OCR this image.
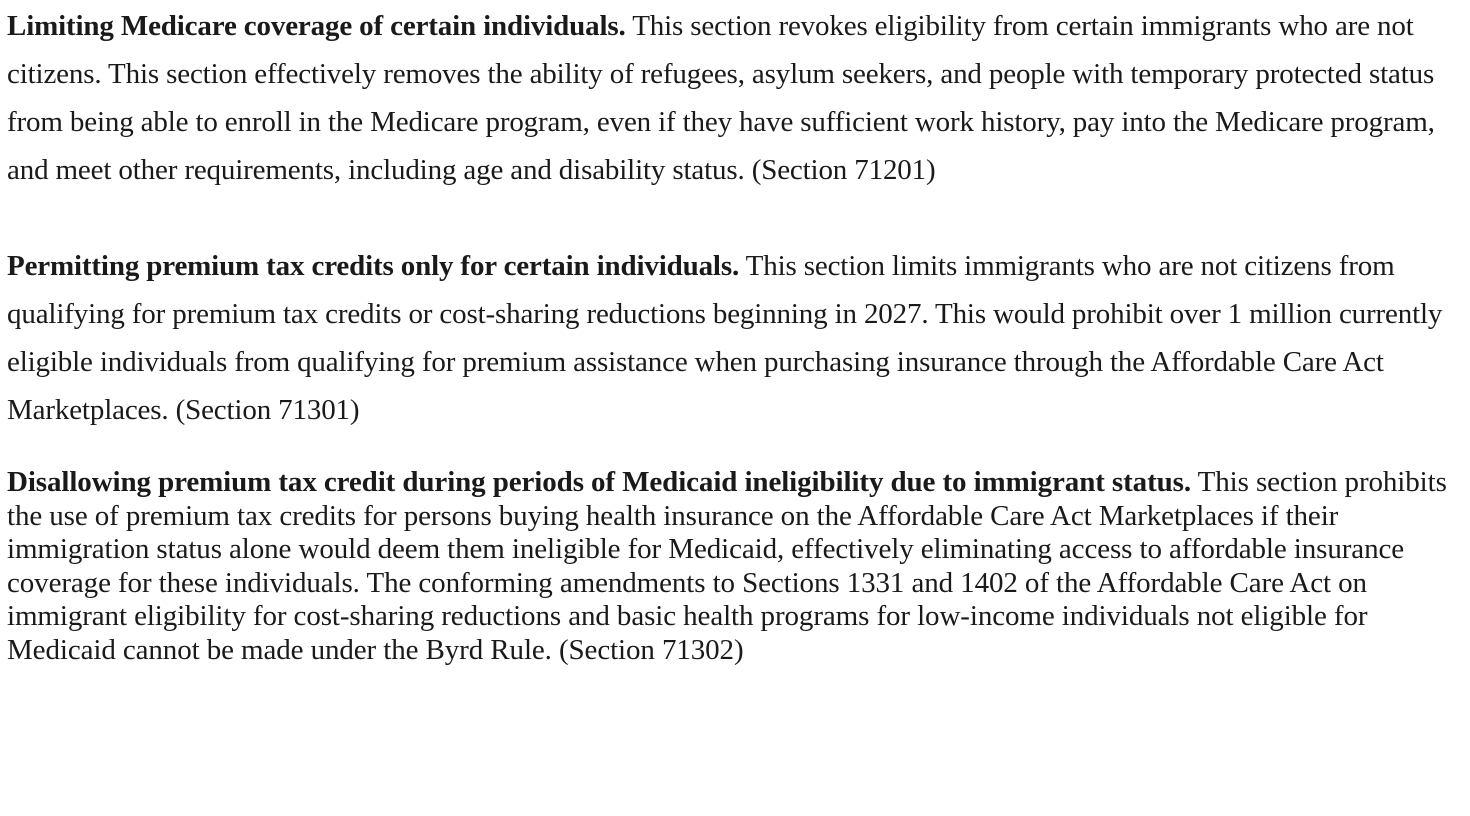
Limiting Medicare coverage of certain individuals. This section revokes eligibility from certain immigrants who are not citizens. This section effectively removes the ability of refugees, asylum seekers, and people with temporary protected status from being able to enroll in the Medicare program, even if they have sufficient work history, pay into the Medicare program, and meet other requirements, including age and disability status. (Section 71201)

Permitting premium tax credits only for certain individuals. This section limits immigrants who are not citizens from qualifying for premium tax credits or cost-sharing reductions beginning in 2027. This would prohibit over 1 million currently eligible individuals from qualifying for premium assistance when purchasing insurance through the Affordable Care Act Marketplaces. (Section 71301)

Disallowing premium tax credit during periods of Medicaid ineligibility due to immigrant status. This section prohibits the use of premium tax credits for persons buying health insurance on the Affordable Care Act Marketplaces if their immigration status alone would deem them ineligible for Medicaid, effectively eliminating access to affordable insurance coverage for these individuals. The conforming amendments to Sections 1331 and 1402 of the Affordable Care Act on immigrant eligibility for cost-sharing reductions and basic health programs for low-income individuals not eligible for Medicaid cannot be made under the Byrd Rule. (Section 71302)
